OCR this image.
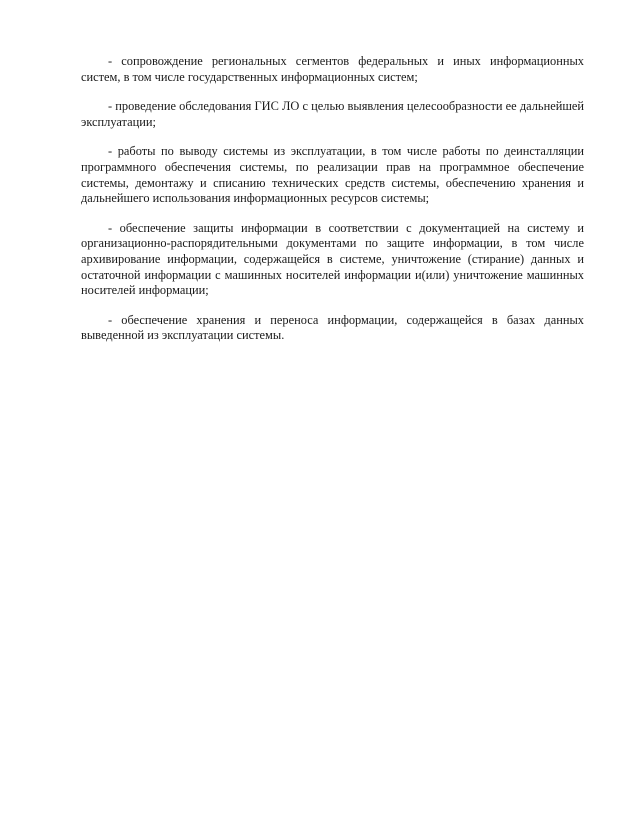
- сопровождение региональных сегментов федеральных и иных информационных систем, в том числе государственных информационных систем;

- проведение обследования ГИС ЛО с целью выявления целесообразности ее дальнейшей эксплуатации;

- работы по выводу системы из эксплуатации, в том числе работы по деинсталляции программного обеспечения системы, по реализации прав на программное обеспечение системы, демонтажу и списанию технических средств системы, обеспечению хранения и дальнейшего использования информационных ресурсов системы;

- обеспечение защиты информации в соответствии с документацией на систему и организационно-распорядительными документами по защите информации, в том числе архивирование информации, содержащейся в системе, уничтожение (стирание) данных и остаточной информации с машинных носителей информации и(или) уничтожение машинных носителей информации;

- обеспечение хранения и переноса информации, содержащейся в базах данных выведенной из эксплуатации системы.
